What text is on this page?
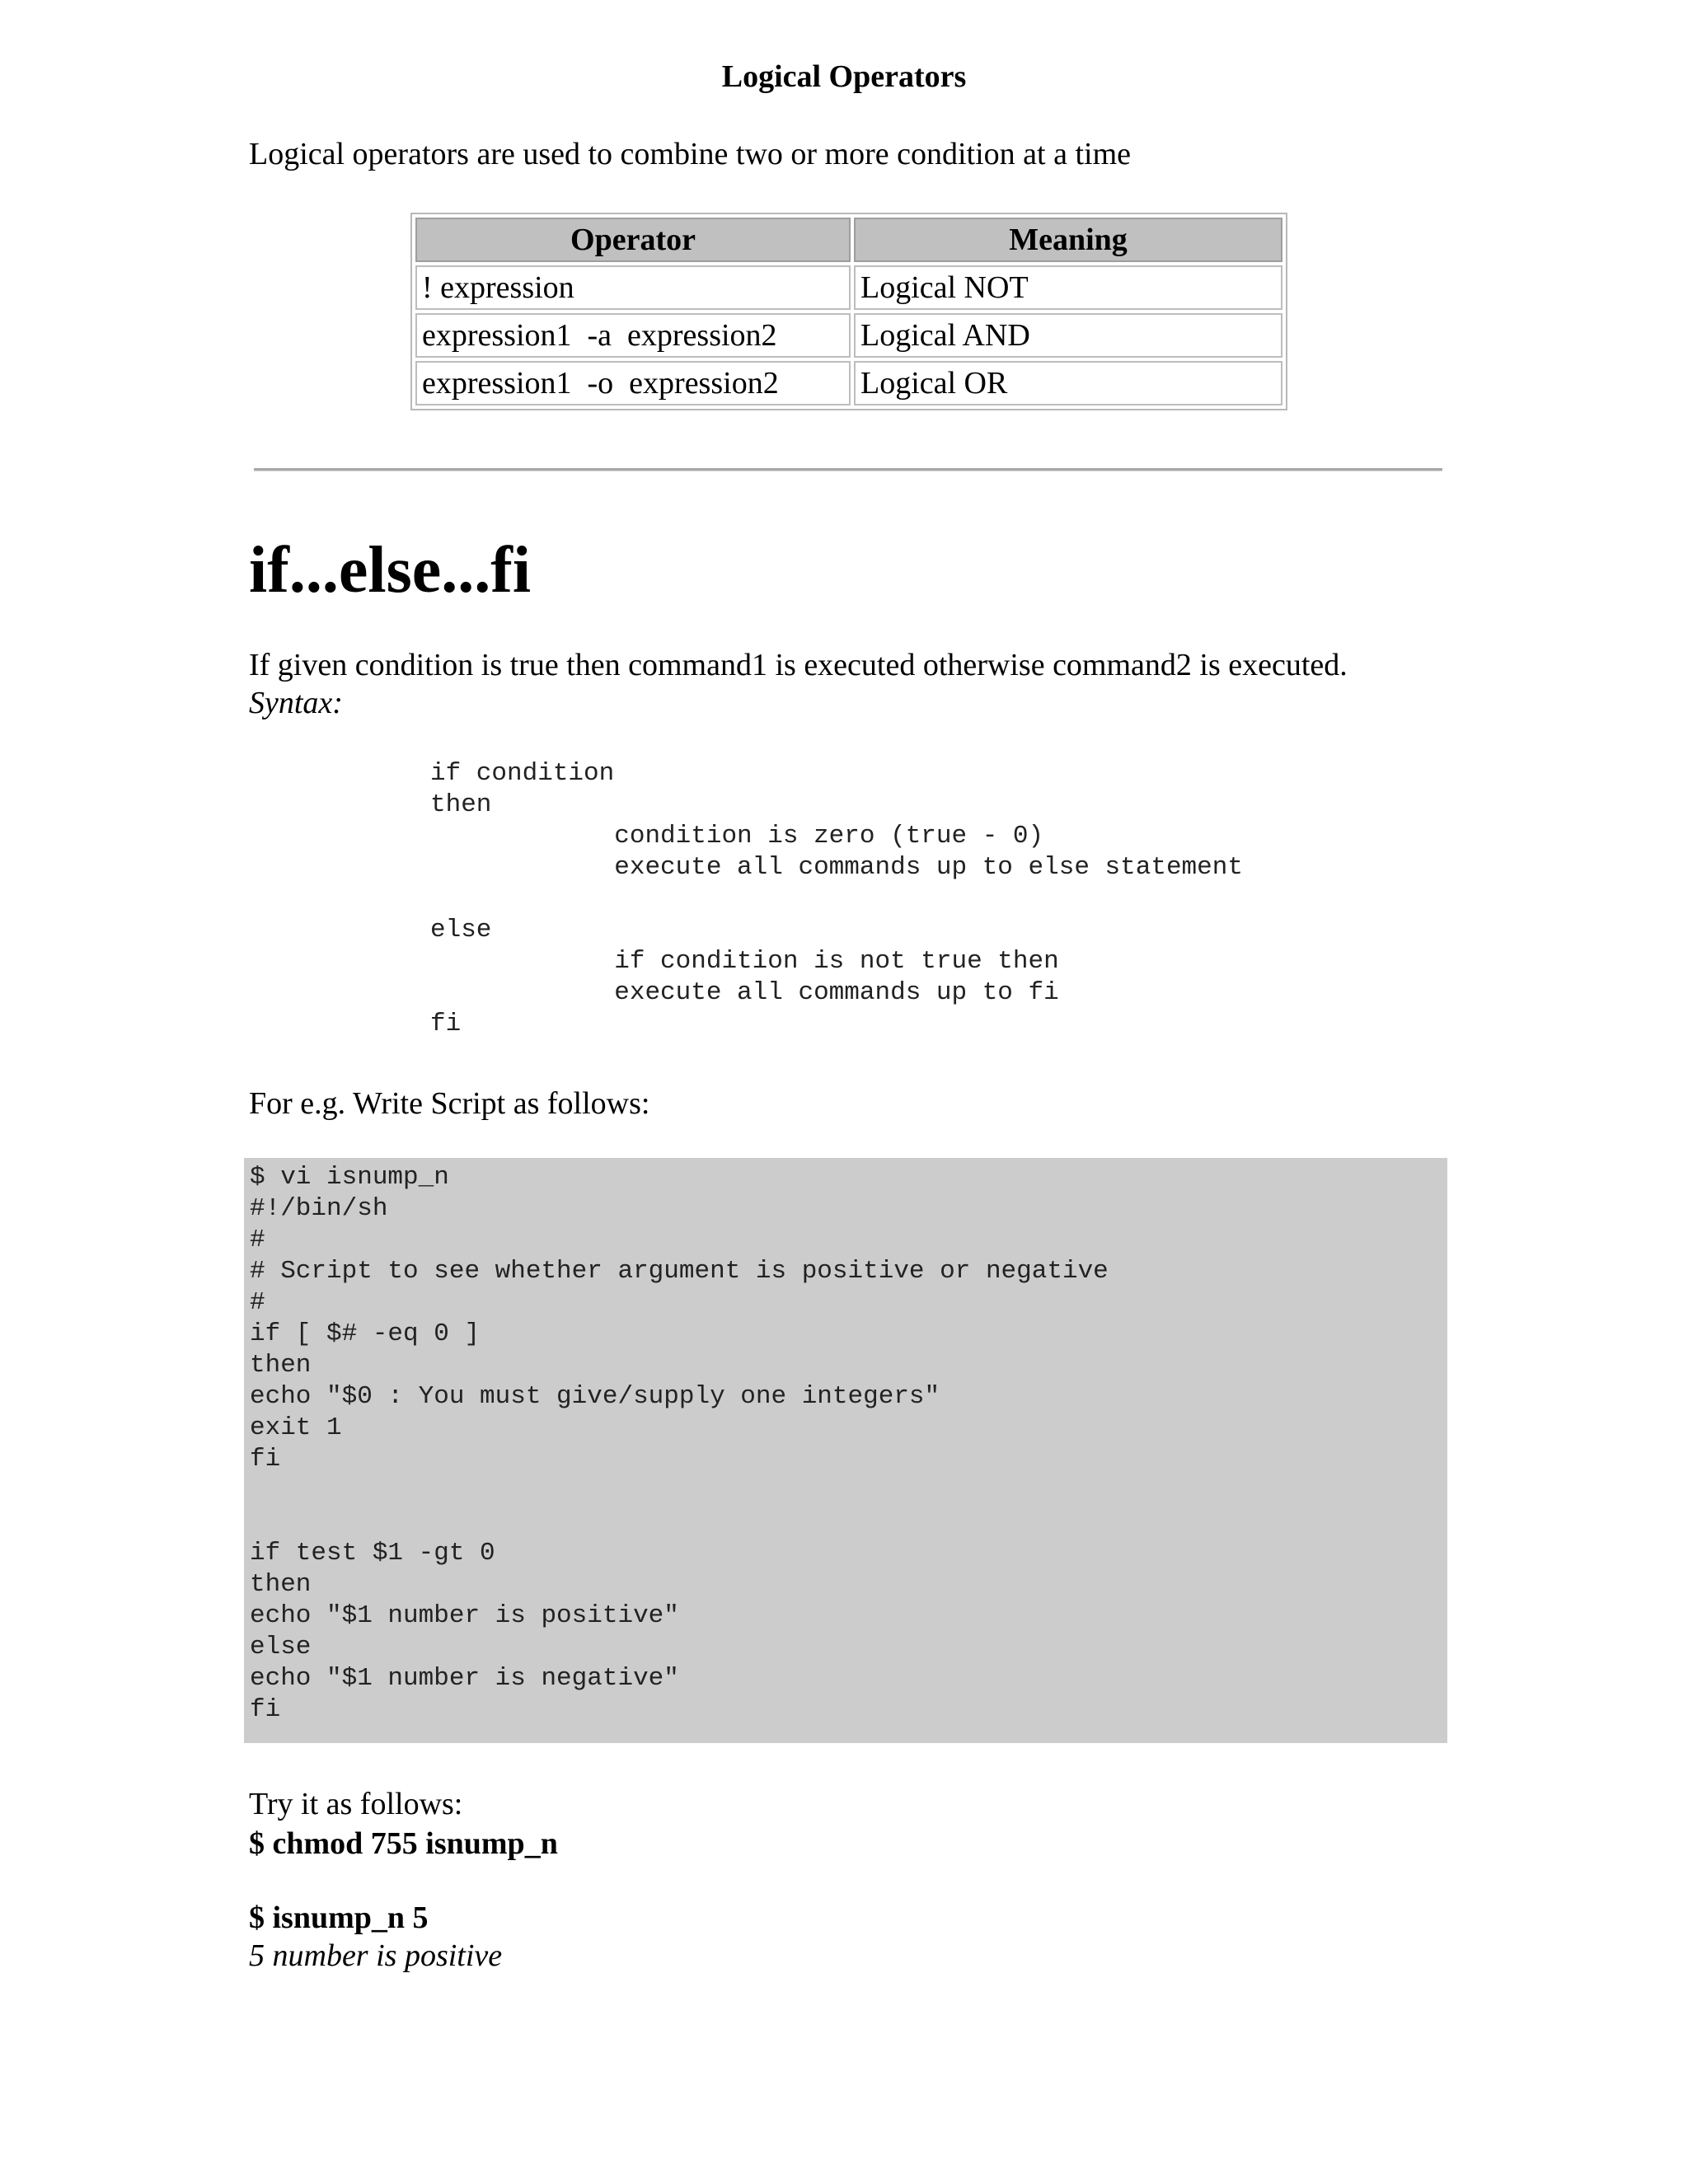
Logical Operators

Logical operators are used to combine two or more condition at a time

Operator	Meaning
! expression	Logical NOT
expression1  -a  expression2	Logical AND
expression1  -o  expression2	Logical OR
if...else...fi

If given condition is true then command1 is executed otherwise command2 is executed.

Syntax:

if condition
then
condition is zero (true - 0)
execute all commands up to else statement

else
if condition is not true then
execute all commands up to fi
fi

For e.g. Write Script as follows:

$ vi isnump_n
#!/bin/sh
#
# Script to see whether argument is positive or negative
#
if [ $# -eq 0 ]
then
echo "$0 : You must give/supply one integers"
exit 1
fi

if test $1 -gt 0
then
echo "$1 number is positive"
else
echo "$1 number is negative"
fi

Try it as follows:

$ chmod 755 isnump_n

$ isnump_n 5

5 number is positive
